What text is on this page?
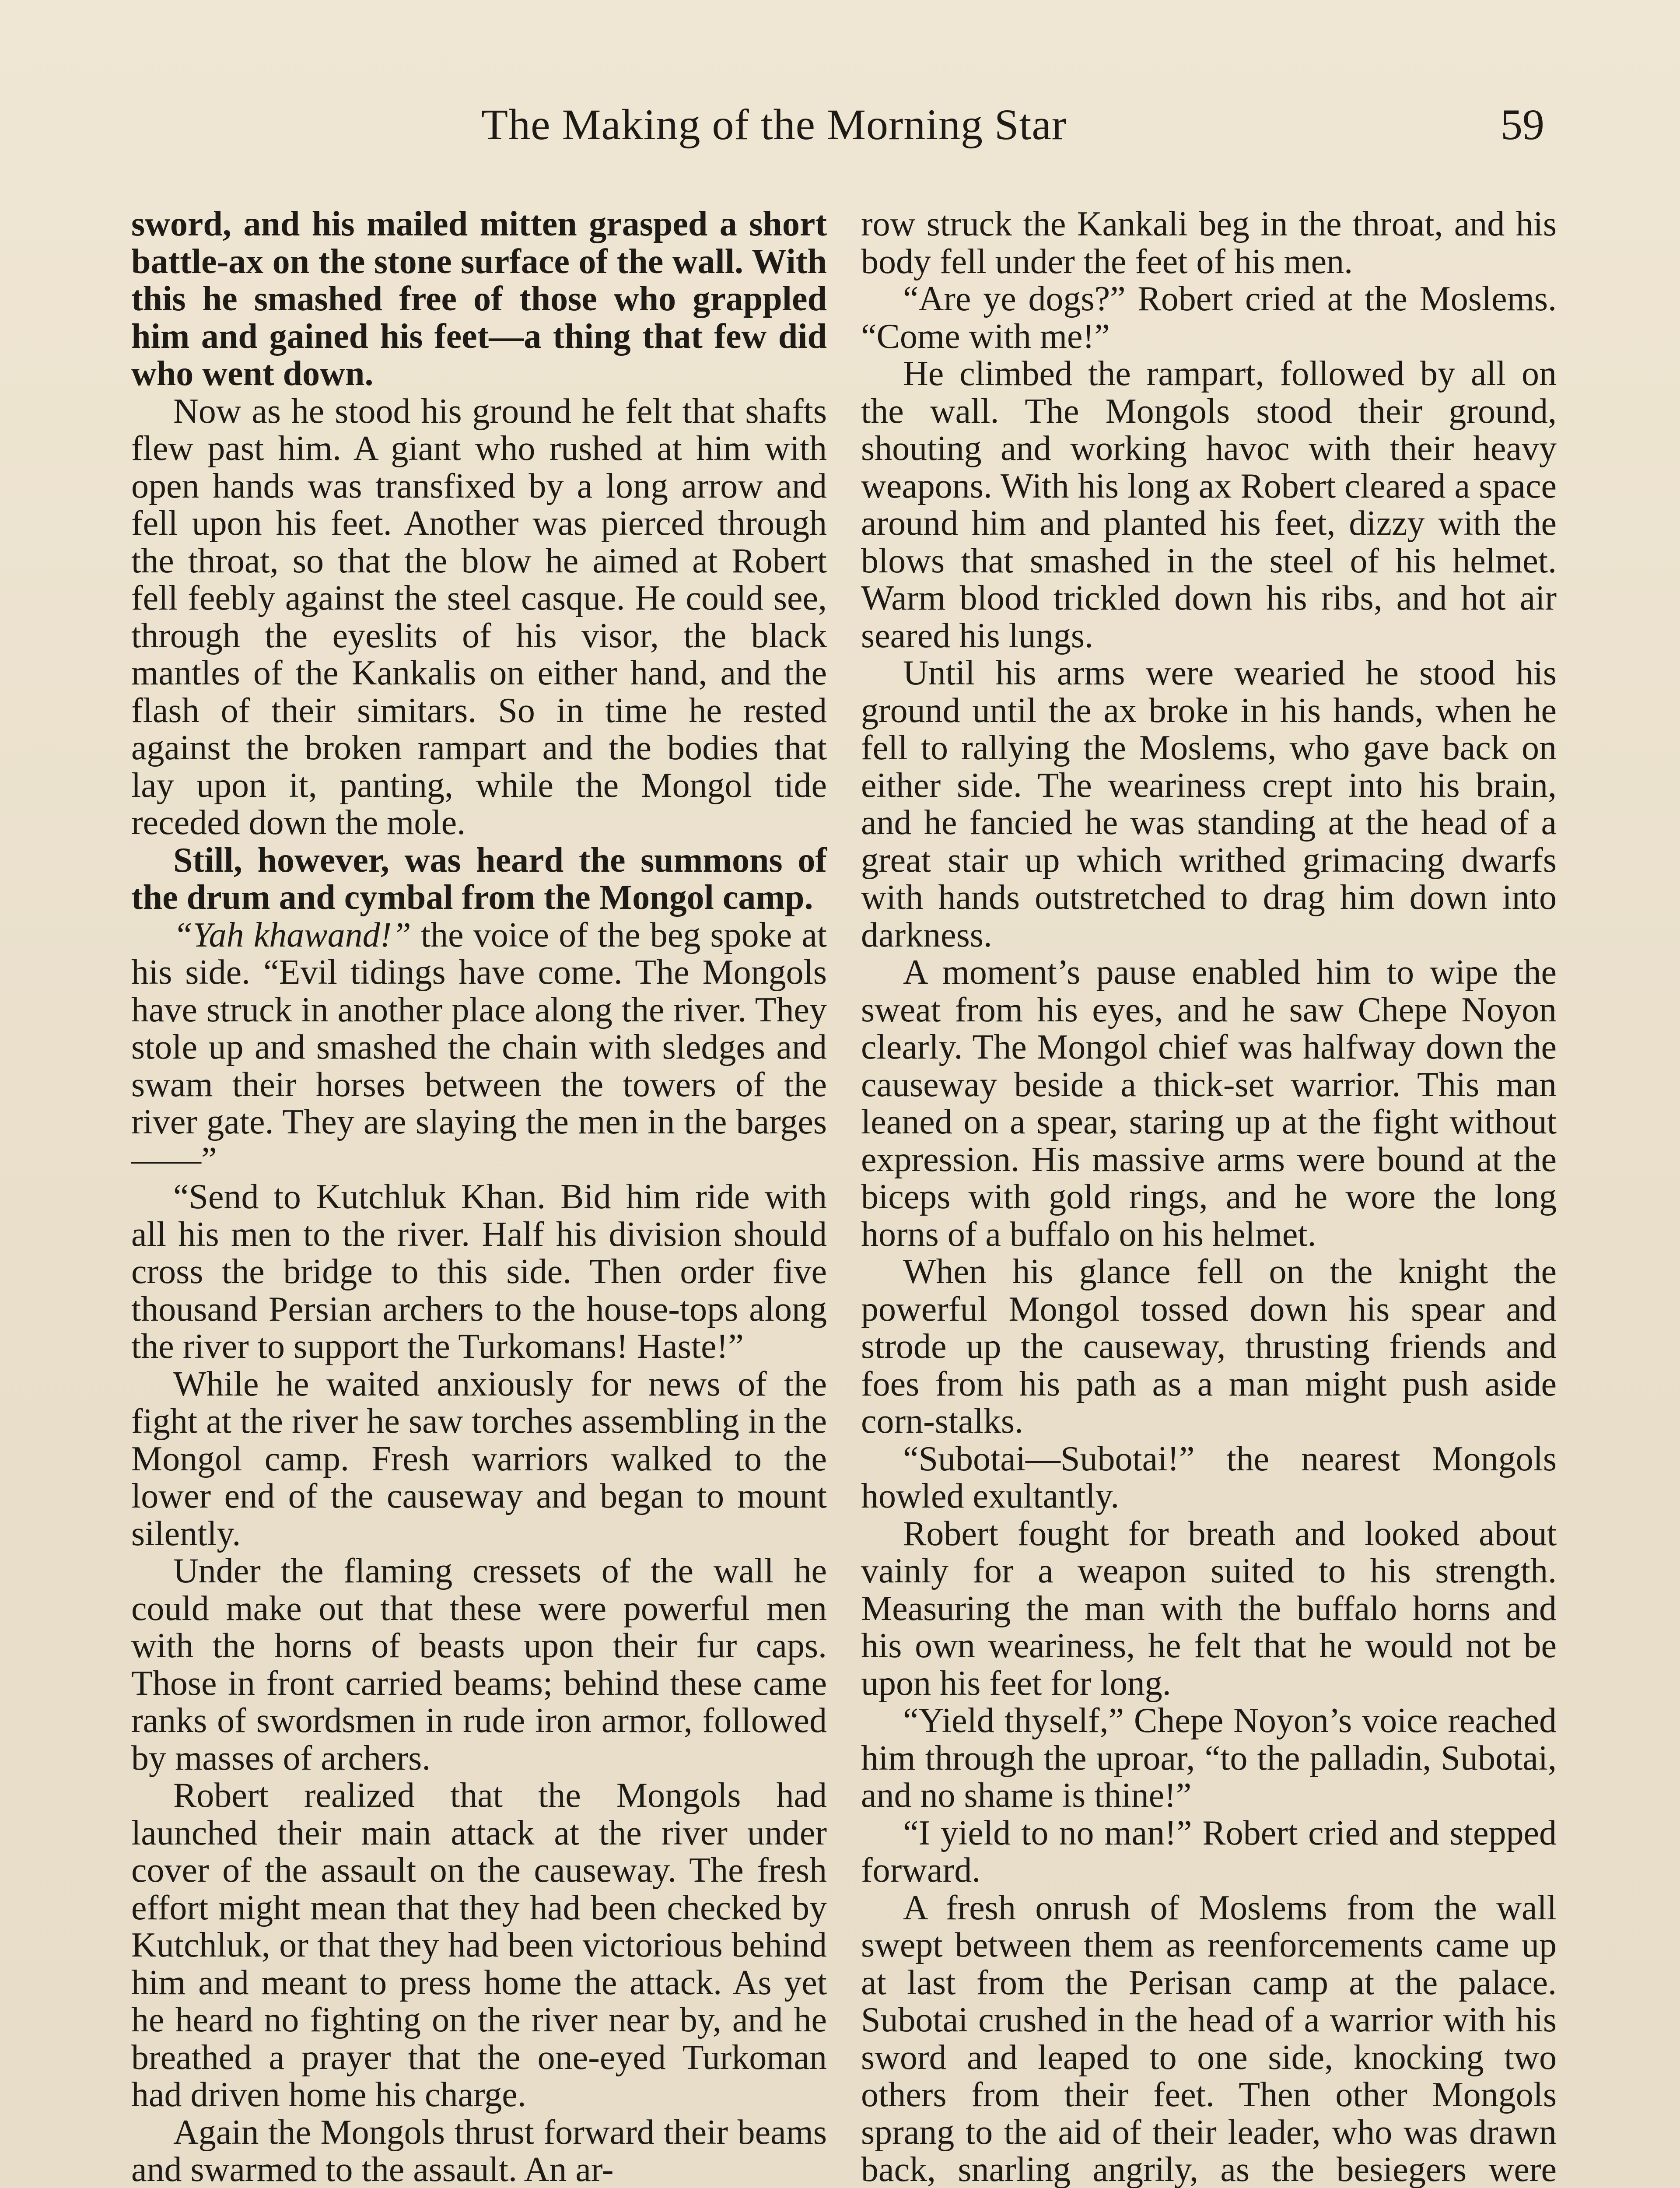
The Making of the Morning Star	59

sword, and his mailed mitten grasped a short battle-ax on the stone surface of the wall. With this he smashed free of those who grappled him and gained his feet—a thing that few did who went down.

Now as he stood his ground he felt that shafts flew past him. A giant who rushed at him with open hands was transfixed by a long arrow and fell upon his feet. Another was pierced through the throat, so that the blow he aimed at Robert fell feebly against the steel casque. He could see, through the eyeslits of his visor, the black mantles of the Kankalis on either hand, and the flash of their simitars. So in time he rested against the broken rampart and the bodies that lay upon it, panting, while the Mongol tide receded down the mole.

Still, however, was heard the summons of the drum and cymbal from the Mongol camp.

“Yah khawand!” the voice of the beg spoke at his side. “Evil tidings have come. The Mongols have struck in another place along the river. They stole up and smashed the chain with sledges and swam their horses between the towers of the river gate. They are slaying the men in the barges——”

“Send to Kutchluk Khan. Bid him ride with all his men to the river. Half his division should cross the bridge to this side. Then order five thousand Persian archers to the house-tops along the river to support the Turkomans! Haste!”

While he waited anxiously for news of the fight at the river he saw torches assembling in the Mongol camp. Fresh warriors walked to the lower end of the causeway and began to mount silently.

Under the flaming cressets of the wall he could make out that these were powerful men with the horns of beasts upon their fur caps. Those in front carried beams; behind these came ranks of swordsmen in rude iron armor, followed by masses of archers.

Robert realized that the Mongols had launched their main attack at the river under cover of the assault on the causeway. The fresh effort might mean that they had been checked by Kutchluk, or that they had been victorious behind him and meant to press home the attack. As yet he heard no fighting on the river near by, and he breathed a prayer that the one-eyed Turkoman had driven home his charge.

Again the Mongols thrust forward their beams and swarmed to the assault. An ar-

row struck the Kankali beg in the throat, and his body fell under the feet of his men.

“Are ye dogs?” Robert cried at the Moslems. “Come with me!”

He climbed the rampart, followed by all on the wall. The Mongols stood their ground, shouting and working havoc with their heavy weapons. With his long ax Robert cleared a space around him and planted his feet, dizzy with the blows that smashed in the steel of his helmet. Warm blood trickled down his ribs, and hot air seared his lungs.

Until his arms were wearied he stood his ground until the ax broke in his hands, when he fell to rallying the Moslems, who gave back on either side. The weariness crept into his brain, and he fancied he was standing at the head of a great stair up which writhed grimacing dwarfs with hands outstretched to drag him down into darkness.

A moment’s pause enabled him to wipe the sweat from his eyes, and he saw Chepe Noyon clearly. The Mongol chief was halfway down the causeway beside a thick-set warrior. This man leaned on a spear, staring up at the fight without expression. His massive arms were bound at the biceps with gold rings, and he wore the long horns of a buffalo on his helmet.

When his glance fell on the knight the powerful Mongol tossed down his spear and strode up the causeway, thrusting friends and foes from his path as a man might push aside corn-stalks.

“Subotai—Subotai!” the nearest Mongols howled exultantly.

Robert fought for breath and looked about vainly for a weapon suited to his strength. Measuring the man with the buffalo horns and his own weariness, he felt that he would not be upon his feet for long.

“Yield thyself,” Chepe Noyon’s voice reached him through the uproar, “to the palladin, Subotai, and no shame is thine!”

“I yield to no man!” Robert cried and stepped forward.

A fresh onrush of Moslems from the wall swept between them as reenforcements came up at last from the Perisan camp at the palace. Subotai crushed in the head of a warrior with his sword and leaped to one side, knocking two others from their feet. Then other Mongols sprang to the aid of their leader, who was drawn back, snarling angrily, as the besiegers were
